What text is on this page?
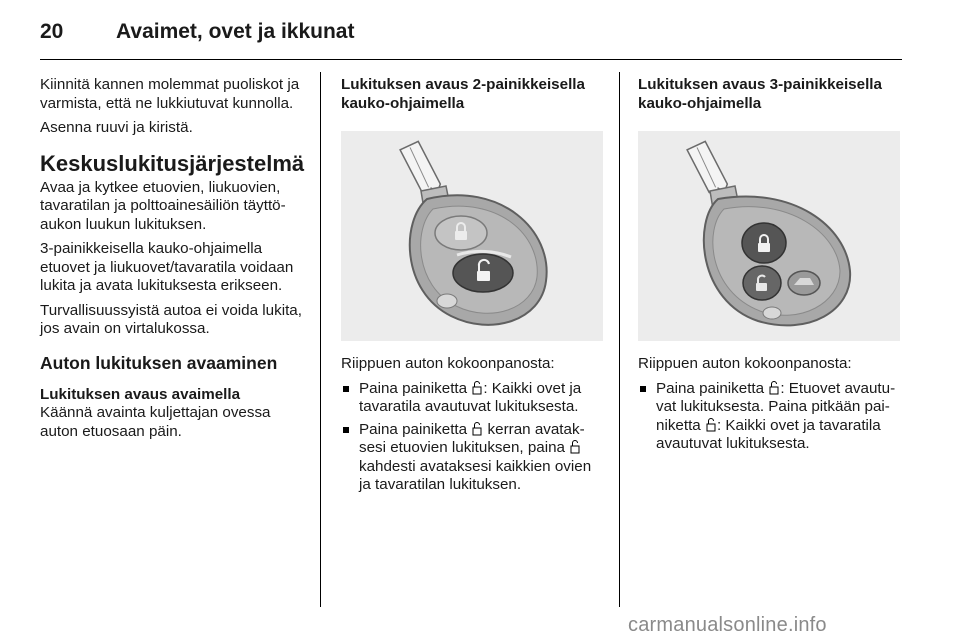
20	Avaimet, ovet ja ikkunat

Kiinnitä kannen molemmat puoliskot ja varmista, että ne lukkiutuvat kunnolla.

Asenna ruuvi ja kiristä.

Keskuslukitusjärjestelmä

Avaa ja kytkee etuovien, liukuovien, tavaratilan ja polttoainesäiliön täyttöaukon luukun lukituksen.

3-painikkeisella kauko-ohjaimella etuovet ja liukuovet/tavaratila voidaan lukita ja avata lukituksesta erikseen.

Turvallisuussyistä autoa ei voida lukita, jos avain on virtalukossa.

Auton lukituksen avaaminen
Lukituksen avaus avaimella

Käännä avainta kuljettajan ovessa auton etuosaan päin.

Lukituksen avaus 2-painikkeisella kauko-ohjaimella

Riippuen auton kokoonpanosta:

Paina painiketta : Kaikki ovet ja tavaratila avautuvat lukituksesta.
Paina painiketta kerran avataksesi etuovien lukituksen, paina  kahdesti avataksesi kaikkien ovien ja tavaratilan lukituksen.
Lukituksen avaus 3-painikkeisella kauko-ohjaimella

Riippuen auton kokoonpanosta:

Paina painiketta : Etuovet avautuvat lukituksesta. Paina pitkään painiketta : Kaikki ovet ja tavaratila avautuvat lukituksesta.
carmanualsonline.info
